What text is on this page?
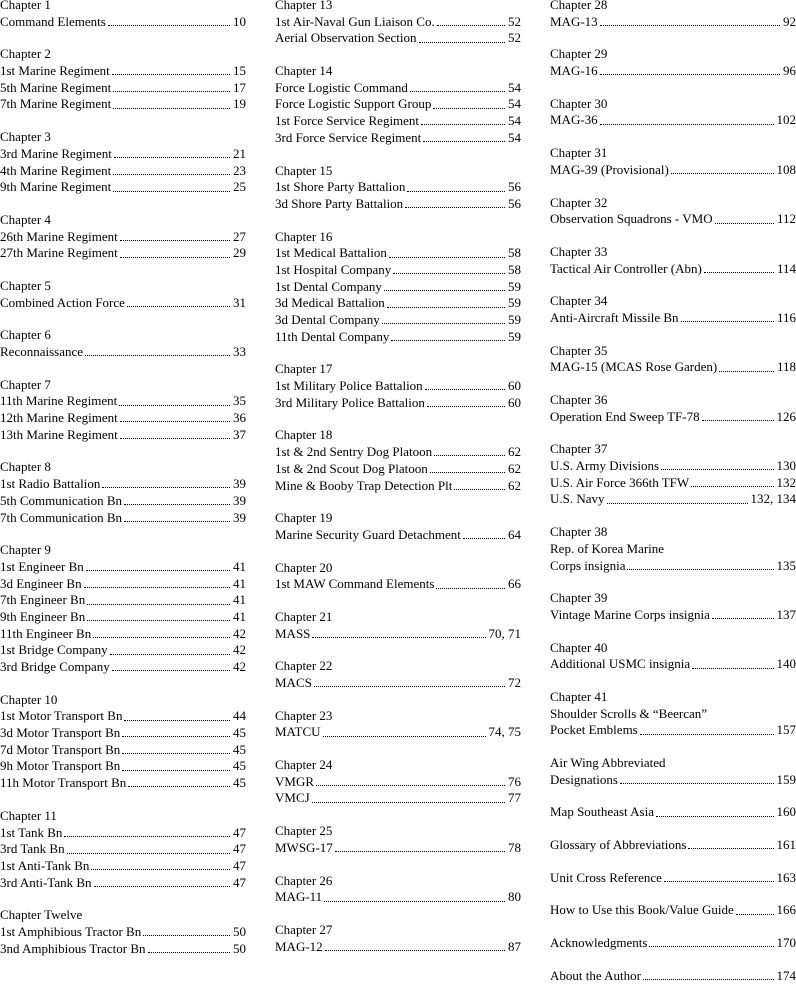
Chapter 1
Command Elements	10
Chapter 2
1st Marine Regiment	15
5th Marine Regiment	17
7th Marine Regiment	19
Chapter 3
3rd Marine Regiment	21
4th Marine Regiment	23
9th Marine Regiment	25
Chapter 4
26th Marine Regiment	27
27th Marine Regiment	29
Chapter 5
Combined Action Force	31
Chapter 6
Reconnaissance	33
Chapter 7
11th Marine Regiment	35
12th Marine Regiment	36
13th Marine Regiment	37
Chapter 8
1st Radio Battalion	39
5th Communication Bn	39
7th Communication Bn	39
Chapter 9
1st Engineer Bn	41
3d Engineer Bn	41
7th Engineer Bn	41
9th Engineer Bn	41
11th Engineer Bn	42
1st Bridge Company	42
3rd Bridge Company	42
Chapter 10
1st Motor Transport Bn	44
3d Motor Transport Bn	45
7d Motor Transport Bn	45
9h Motor Transport Bn	45
11h Motor Transport Bn	45
Chapter 11
1st Tank Bn	47
3rd Tank Bn	47
1st Anti-Tank Bn	47
3rd Anti-Tank Bn	47
Chapter Twelve
1st Amphibious Tractor Bn	50
3nd Amphibious Tractor Bn	50
Chapter 13
1st Air-Naval Gun Liaison Co.	52
Aerial Observation Section	52
Chapter 14
Force Logistic Command	54
Force Logistic Support Group	54
1st Force Service Regiment	54
3rd Force Service Regiment	54
Chapter 15
1st Shore Party Battalion	56
3d Shore Party Battalion	56
Chapter 16
1st Medical Battalion	58
1st Hospital Company	58
1st Dental Company	59
3d Medical Battalion	59
3d Dental Company	59
11th Dental Company	59
Chapter 17
1st Military Police Battalion	60
3rd Military Police Battalion	60
Chapter 18
1st & 2nd Sentry Dog Platoon	62
1st & 2nd Scout Dog Platoon	62
Mine & Booby Trap Detection Plt	62
Chapter 19
Marine Security Guard Detachment	64
Chapter 20
1st MAW Command Elements	66
Chapter 21
MASS	70, 71
Chapter 22
MACS	72
Chapter 23
MATCU	74, 75
Chapter 24
VMGR	76
VMCJ	77
Chapter 25
MWSG-17	78
Chapter 26
MAG-11	80
Chapter 27
MAG-12	87
Chapter 28
MAG-13	92
Chapter 29
MAG-16	96
Chapter 30
MAG-36	102
Chapter 31
MAG-39 (Provisional)	108
Chapter 32
Observation Squadrons - VMO	112
Chapter 33
Tactical Air Controller (Abn)	114
Chapter 34
Anti-Aircraft Missile Bn	116
Chapter 35
MAG-15 (MCAS Rose Garden)	118
Chapter 36
Operation End Sweep TF-78	126
Chapter 37
U.S. Army Divisions	130
U.S. Air Force 366th TFW	132
U.S. Navy	132, 134
Chapter 38
Rep. of Korea Marine
Corps insignia	135
Chapter 39
Vintage Marine Corps insignia	137
Chapter 40
Additional USMC insignia	140
Chapter 41
Shoulder Scrolls & “Beercan”
Pocket Emblems	157
Air Wing Abbreviated
Designations	159
Map Southeast Asia	160
Glossary of Abbreviations	161
Unit Cross Reference	163
How to Use this Book/Value Guide	166
Acknowledgments	170
About the Author	174
